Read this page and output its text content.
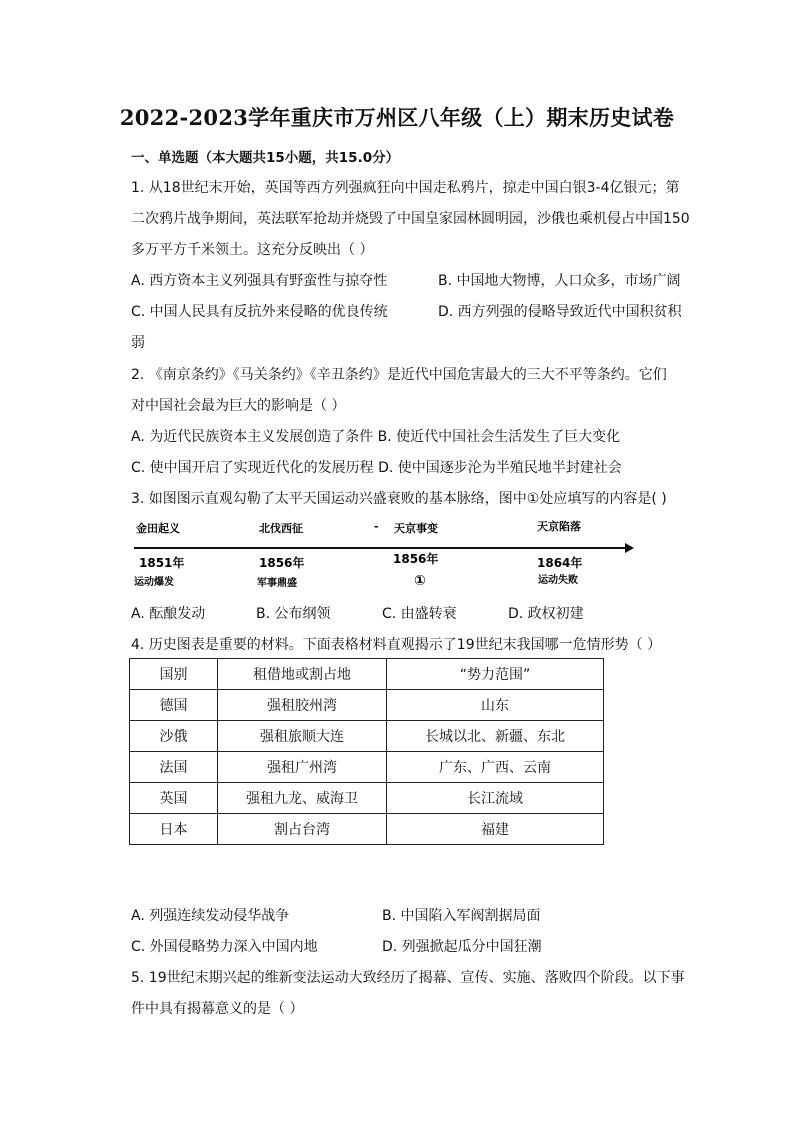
2022-2023学年重庆市万州区八年级（上）期末历史试卷
一、单选题（本大题共15小题，共15.0分）
1. 从18世纪末开始，英国等西方列强疯狂向中国走私鸦片，掠走中国白银3-4亿银元；第
二次鸦片战争期间，英法联军抢劫并烧毁了中国皇家园林圆明园，沙俄也乘机侵占中国150
多万平方千米领土。这充分反映出（ ）
A. 西方资本主义列强具有野蛮性与掠夺性	B. 中国地大物博，人口众多，市场广阔
C. 中国人民具有反抗外来侵略的优良传统	D. 西方列强的侵略导致近代中国积贫积
弱
2. 《南京条约》《马关条约》《辛丑条约》是近代中国危害最大的三大不平等条约。它们
对中国社会最为巨大的影响是（ ）
A. 为近代民族资本主义发展创造了条件 B. 使近代中国社会生活发生了巨大变化
C. 使中国开启了实现近代化的发展历程 D. 使中国逐步沦为半殖民地半封建社会
3. 如图图示直观勾勒了太平天国运动兴盛衰败的基本脉络，图中①处应填写的内容是( )
金田起义	北伐西征	- 天京事变	天京陷落
1851年	1856年	1856年	1864年
运动爆发	军事鼎盛	①	运动失败
A. 酝酿发动	B. 公布纲领	C. 由盛转衰	D. 政权初建
4. 历史图表是重要的材料。下面表格材料直观揭示了19世纪末我国哪一危情形势（ ）
国别	租借地或割占地	“势力范围”
德国	强租胶州湾	山东
沙俄	强租旅顺大连	长城以北、新疆、东北
法国	强租广州湾	广东、广西、云南
英国	强租九龙、威海卫	长江流域
日本	割占台湾	福建
A. 列强连续发动侵华战争	B. 中国陷入军阀割据局面
C. 外国侵略势力深入中国内地	D. 列强掀起瓜分中国狂潮
5. 19世纪末期兴起的维新变法运动大致经历了揭幕、宣传、实施、落败四个阶段。以下事
件中具有揭幕意义的是（ ）
